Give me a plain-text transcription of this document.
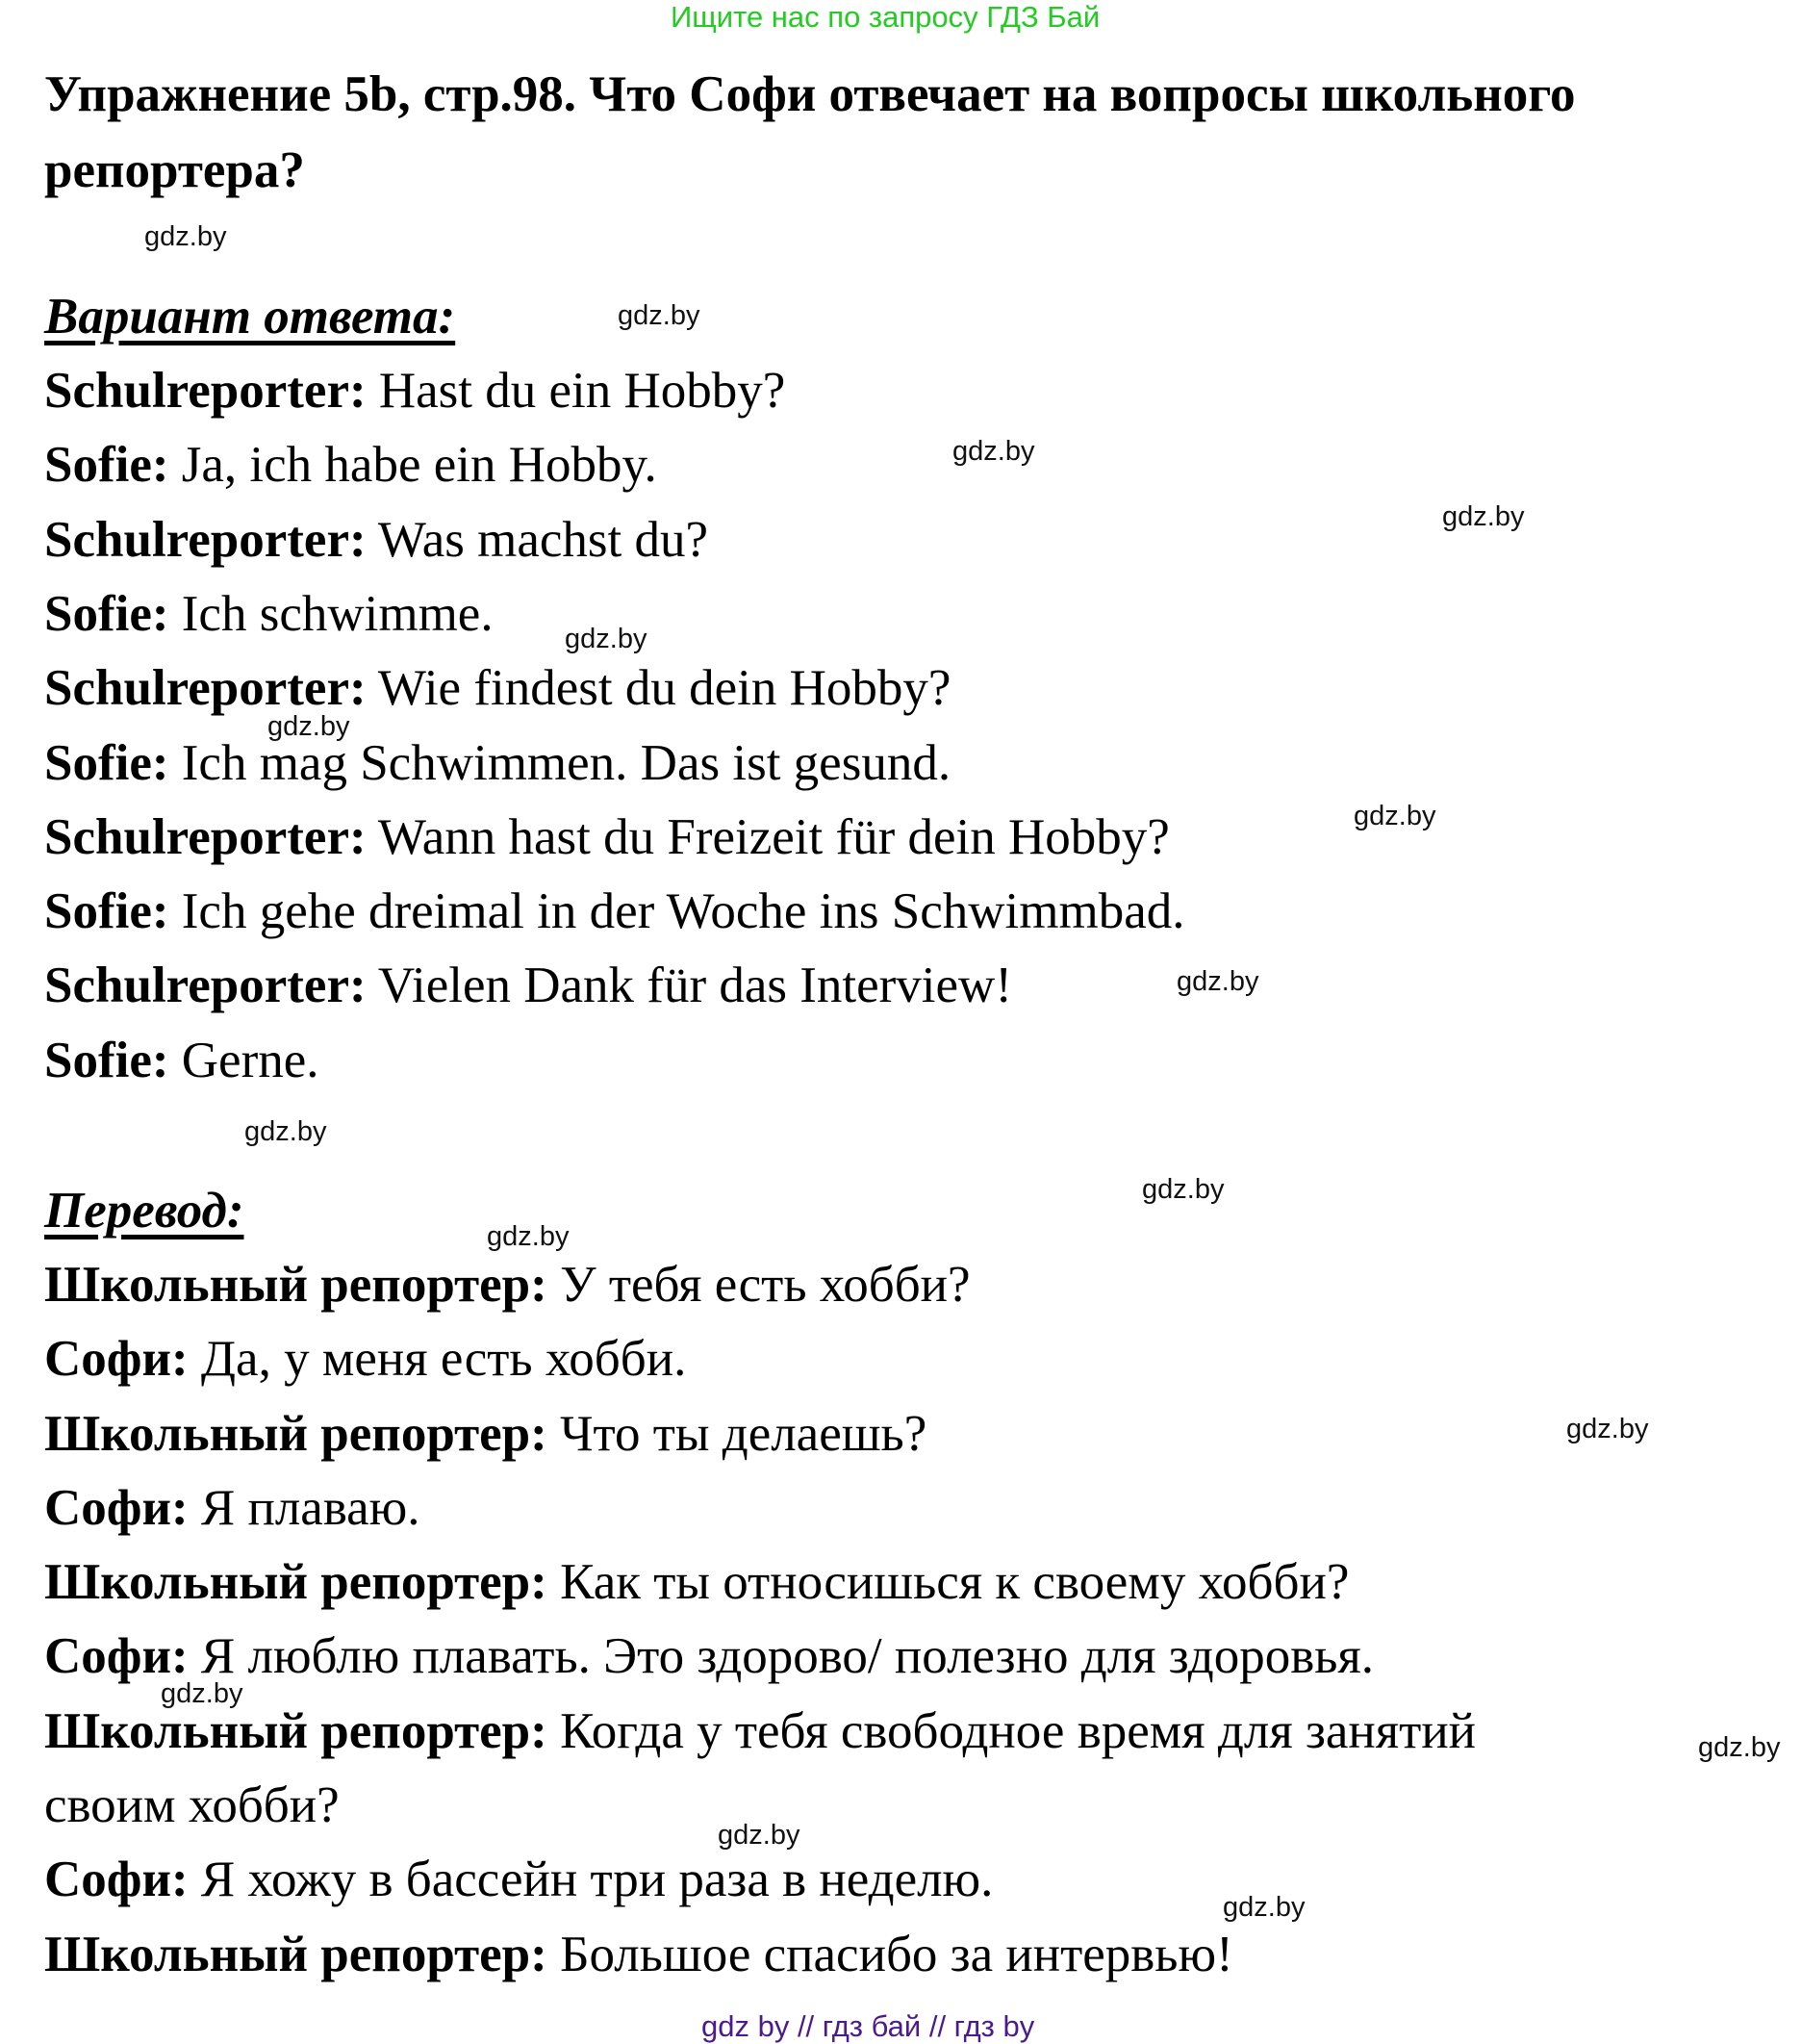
Ищите нас по запросу ГДЗ Бай
Упражнение 5b, стр.98. Что Софи отвечает на вопросы школьного
репортера?
Вариант ответа:
Schulreporter: Hast du ein Hobby?
Sofie: Ja, ich habe ein Hobby.
Schulreporter: Was machst du?
Sofie: Ich schwimme.
Schulreporter: Wie findest du dein Hobby?
Sofie: Ich mag Schwimmen. Das ist gesund.
Schulreporter: Wann hast du Freizeit für dein Hobby?
Sofie: Ich gehe dreimal in der Woche ins Schwimmbad.
Schulreporter: Vielen Dank für das Interview!
Sofie: Gerne.
Перевод:
Школьный репортер: У тебя есть хобби?
Софи: Да, у меня есть хобби.
Школьный репортер: Что ты делаешь?
Софи: Я плаваю.
Школьный репортер: Как ты относишься к своему хобби?
Софи: Я люблю плавать. Это здорово/ полезно для здоровья.
Школьный репортер: Когда у тебя свободное время для занятий
своим хобби?
Софи: Я хожу в бассейн три раза в неделю.
Школьный репортер: Большое спасибо за интервью!
gdz.by
gdz.by
gdz.by
gdz.by
gdz.by
gdz.by
gdz.by
gdz.by
gdz.by
gdz.by
gdz.by
gdz.by
gdz.by
gdz.by
gdz.by
gdz.by
gdz by // гдз бай // гдз by
